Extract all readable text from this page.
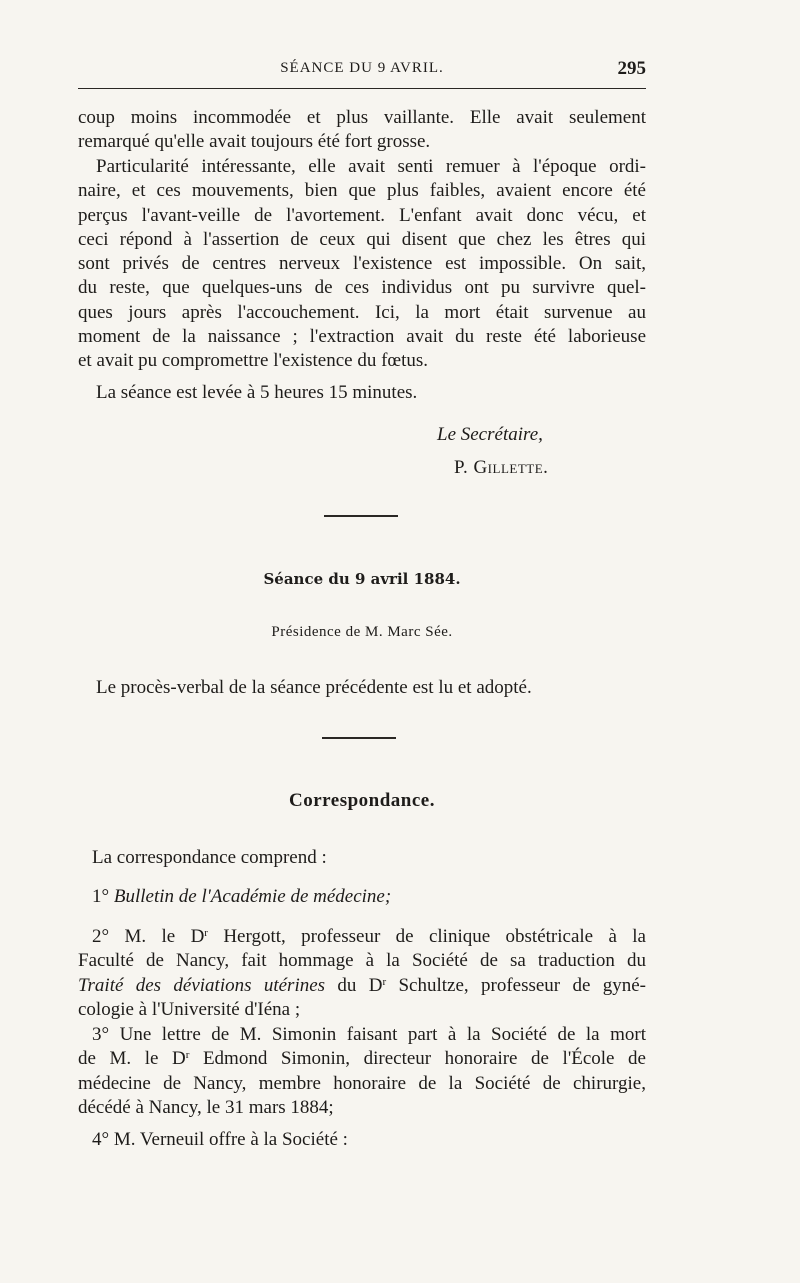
SÉANCE DU 9 AVRIL.	295
coup moins incommodée et plus vaillante. Elle avait seulement
remarqué qu'elle avait toujours été fort grosse.
Particularité intéressante, elle avait senti remuer à l'époque ordi-
naire, et ces mouvements, bien que plus faibles, avaient encore été
perçus l'avant-veille de l'avortement. L'enfant avait donc vécu, et
ceci répond à l'assertion de ceux qui disent que chez les êtres qui
sont privés de centres nerveux l'existence est impossible. On sait,
du reste, que quelques-uns de ces individus ont pu survivre quel-
ques jours après l'accouchement. Ici, la mort était survenue au
moment de la naissance ; l'extraction avait du reste été laborieuse
et avait pu compromettre l'existence du fœtus.
La séance est levée à 5 heures 15 minutes.
Le Secrétaire,
P. Gillette.
Séance du 9 avril 1884.
Présidence de M. Marc Sée.
Le procès-verbal de la séance précédente est lu et adopté.
Correspondance.
La correspondance comprend :
1° Bulletin de l'Académie de médecine;
2° M. le $D^r$ Hergott, professeur de clinique obstétricale à la
Faculté de Nancy, fait hommage à la Société de sa traduction du
Traité des déviations utérines du $D^r$ Schultze, professeur de gyné-
cologie à l'Université d'Iéna ;
3° Une lettre de M. Simonin faisant part à la Société de la mort
de M. le $D^r$ Edmond Simonin, directeur honoraire de l'École de
médecine de Nancy, membre honoraire de la Société de chirurgie,
décédé à Nancy, le 31 mars 1884;
4° M. Verneuil offre à la Société :
